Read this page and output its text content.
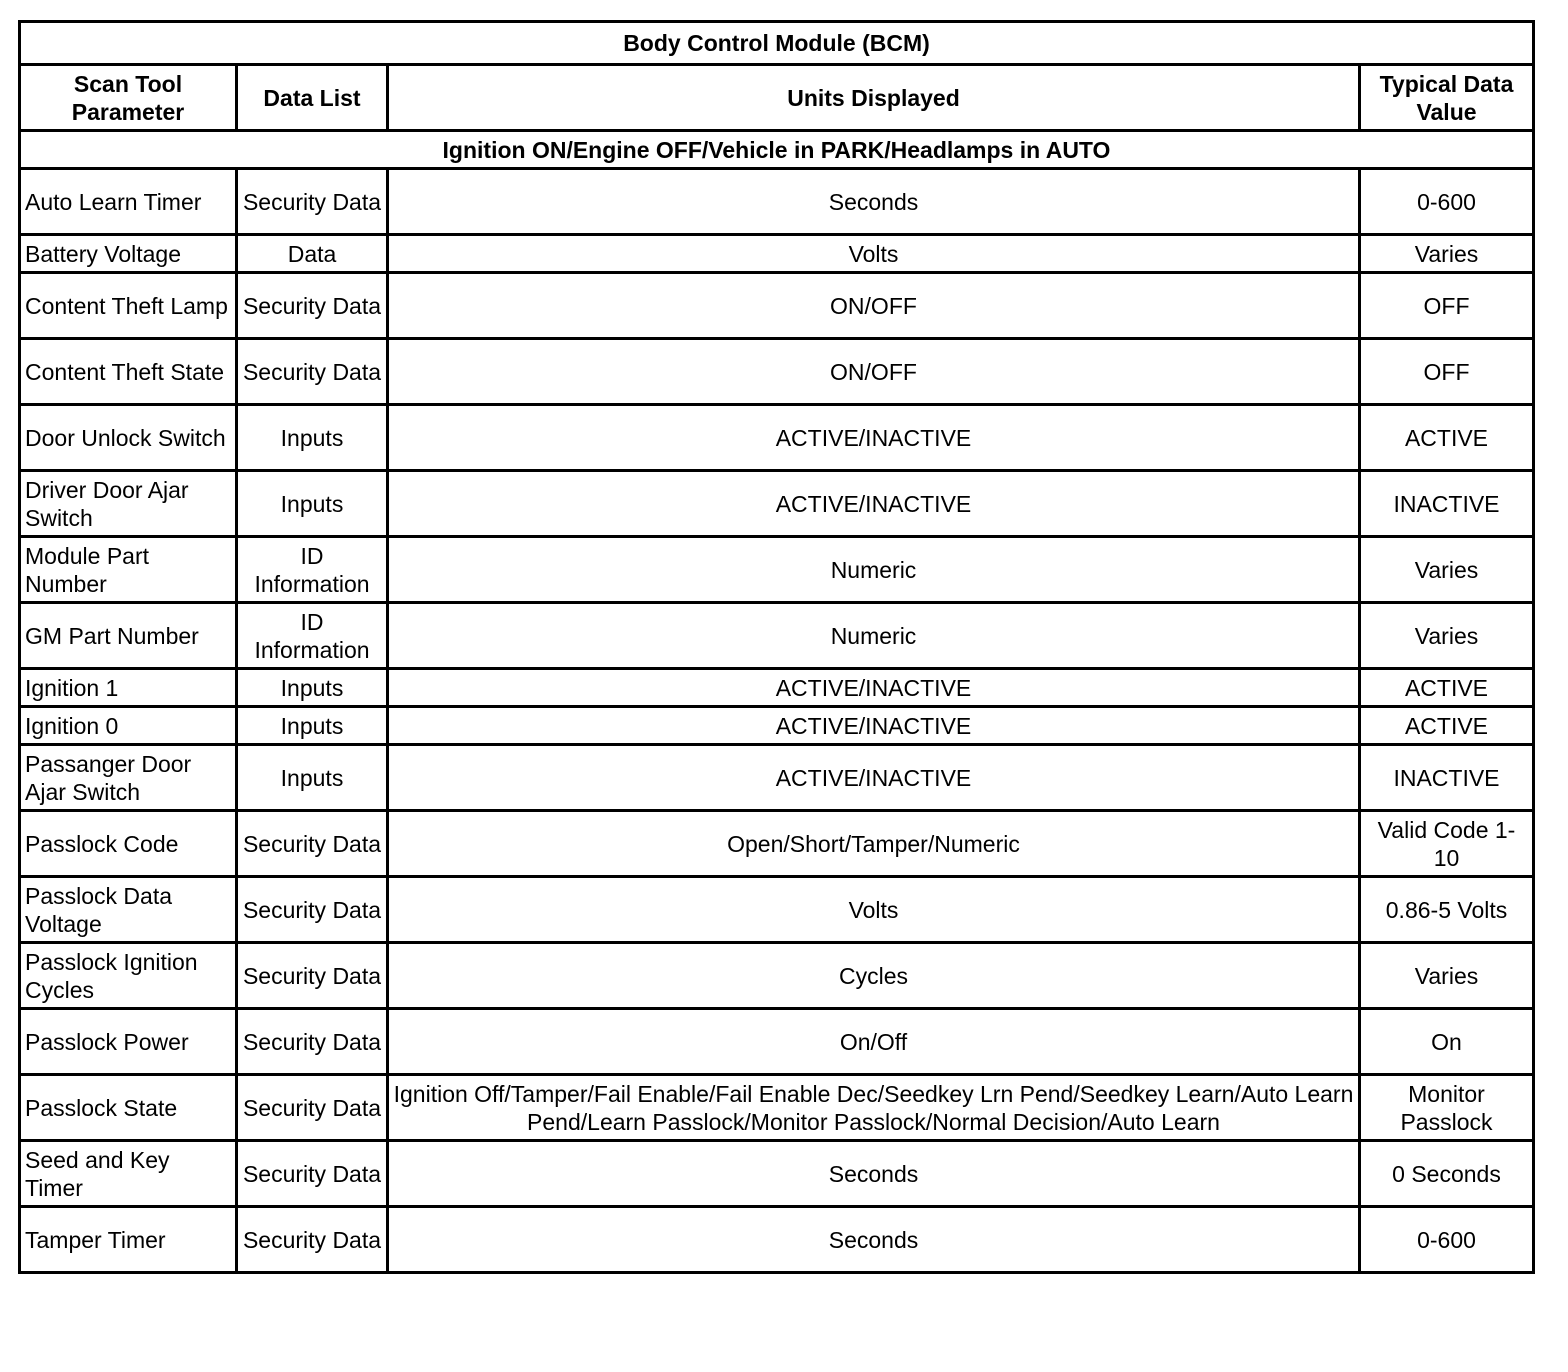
Body Control Module (BCM)			
Scan Tool Parameter	Data List	Units Displayed	Typical Data Value
Ignition ON/Engine OFF/Vehicle in PARK/Headlamps in AUTO			
Auto Learn Timer	Security Data	Seconds	0-600
Battery Voltage	Data	Volts	Varies
Content Theft Lamp	Security Data	ON/OFF	OFF
Content Theft State	Security Data	ON/OFF	OFF
Door Unlock Switch	Inputs	ACTIVE/INACTIVE	ACTIVE
Driver Door Ajar Switch	Inputs	ACTIVE/INACTIVE	INACTIVE
Module Part Number	ID Information	Numeric	Varies
GM Part Number	ID Information	Numeric	Varies
Ignition 1	Inputs	ACTIVE/INACTIVE	ACTIVE
Ignition 0	Inputs	ACTIVE/INACTIVE	ACTIVE
Passanger Door Ajar Switch	Inputs	ACTIVE/INACTIVE	INACTIVE
Passlock Code	Security Data	Open/Short/Tamper/Numeric	Valid Code 1-10
Passlock Data Voltage	Security Data	Volts	0.86-5 Volts
Passlock Ignition Cycles	Security Data	Cycles	Varies
Passlock Power	Security Data	On/Off	On
Passlock State	Security Data	Ignition Off/Tamper/Fail Enable/Fail Enable Dec/Seedkey Lrn Pend/Seedkey Learn/Auto Learn Pend/Learn Passlock/Monitor Passlock/Normal Decision/Auto Learn	Monitor Passlock
Seed and Key Timer	Security Data	Seconds	0 Seconds
Tamper Timer	Security Data	Seconds	0-600
